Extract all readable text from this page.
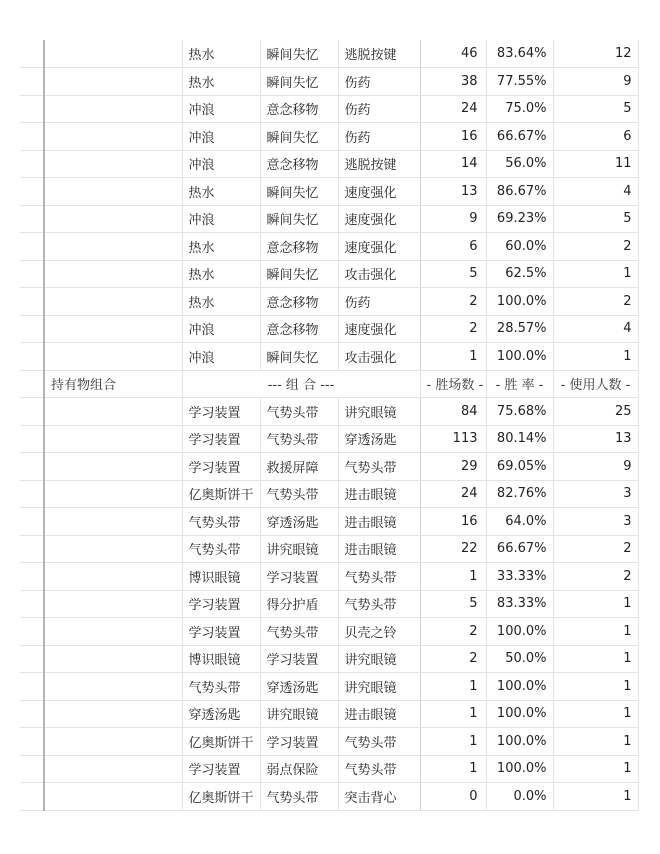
		热水	瞬间失忆	逃脱按键	46	83.64%	12
		热水	瞬间失忆	伤药	38	77.55%	9
		冲浪	意念移物	伤药	24	75.0%	5
		冲浪	瞬间失忆	伤药	16	66.67%	6
		冲浪	意念移物	逃脱按键	14	56.0%	11
		热水	瞬间失忆	速度强化	13	86.67%	4
		冲浪	瞬间失忆	速度强化	9	69.23%	5
		热水	意念移物	速度强化	6	60.0%	2
		热水	瞬间失忆	攻击强化	5	62.5%	1
		热水	意念移物	伤药	2	100.0%	2
		冲浪	意念移物	速度强化	2	28.57%	4
		冲浪	瞬间失忆	攻击强化	1	100.0%	1
	持有物组合	--- 组 合 ---			- 胜场数 -	- 胜 率 -	- 使用人数 -
		学习装置	气势头带	讲究眼镜	84	75.68%	25
		学习装置	气势头带	穿透汤匙	113	80.14%	13
		学习装置	救援屏障	气势头带	29	69.05%	9
		亿奥斯饼干	气势头带	进击眼镜	24	82.76%	3
		气势头带	穿透汤匙	进击眼镜	16	64.0%	3
		气势头带	讲究眼镜	进击眼镜	22	66.67%	2
		博识眼镜	学习装置	气势头带	1	33.33%	2
		学习装置	得分护盾	气势头带	5	83.33%	1
		学习装置	气势头带	贝壳之铃	2	100.0%	1
		博识眼镜	学习装置	讲究眼镜	2	50.0%	1
		气势头带	穿透汤匙	讲究眼镜	1	100.0%	1
		穿透汤匙	讲究眼镜	进击眼镜	1	100.0%	1
		亿奥斯饼干	学习装置	气势头带	1	100.0%	1
		学习装置	弱点保险	气势头带	1	100.0%	1
		亿奥斯饼干	气势头带	突击背心	0	0.0%	1
